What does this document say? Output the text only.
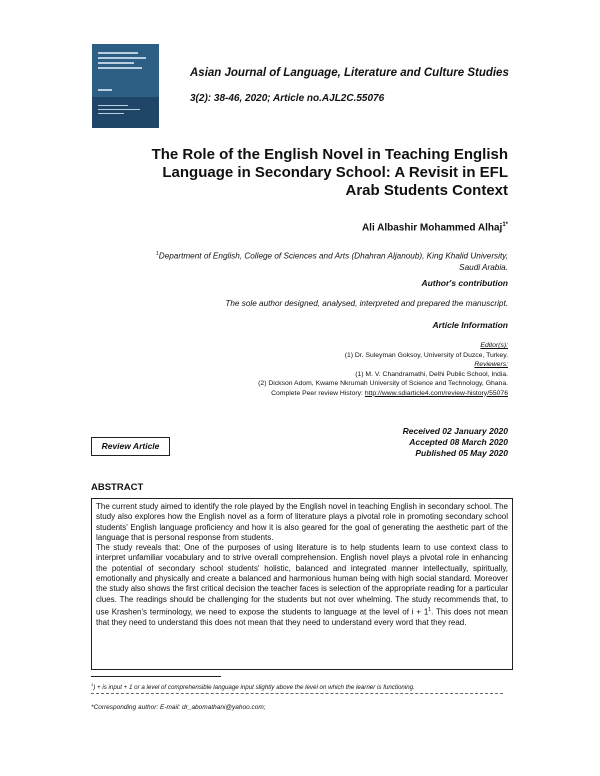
Asian Journal of Language, Literature and Culture Studies
3(2): 38-46, 2020; Article no.AJL2C.55076
The Role of the English Novel in Teaching English
Language in Secondary School: A Revisit in EFL
Arab Students Context
Ali Albashir Mohammed Alhaj$^{1*}$
$^1$Department of English, College of Sciences and Arts (Dhahran Aljanoub), King Khalid University,
Saudi Arabia.
Author's contribution
The sole author designed, analysed, interpreted and prepared the manuscript.
Article Information
Editor(s):
(1) Dr. Suleyman Goksoy, University of Duzce, Turkey.
Reviewers:
(1) M. V. Chandramathi, Delhi Public School, India.
(2) Dickson Adom, Kwame Nkrumah University of Science and Technology, Ghana.
Complete Peer review History: http://www.sdiarticle4.com/review-history/55076
Review Article
Received 02 January 2020
Accepted 08 March 2020
Published 05 May 2020
ABSTRACT

The current study aimed to identify the role played by the English novel in teaching English in secondary school. The study also explores how the English novel as a form of literature plays a pivotal role in promoting secondary school students' English language proficiency and how it is also geared for the goal of generating the aesthetic part of the language that is personal response from students.

The study reveals that: One of the purposes of using literature is to help students learn to use context class to interpret unfamiliar vocabulary and to strive overall comprehension. English novel plays a pivotal role in enhancing the potential of secondary school students' holistic, balanced and integrated manner intellectually, spiritually, emotionally and physically and create a balanced and harmonious human being with high social standard. Moreover the study also shows the first critical decision the teacher faces is selection of the appropriate reading for a particular clues. The readings should be challenging for the students but not over whelming. The study recommends that, to use Krashen's terminology, we need to expose the students to language at the level of $i + 1^1$. This does not mean that they need to understand this does not mean that they need to understand every word that they read.

$^1$) + is input + 1 or a level of comprehensible language input slightly above the level on which the learner is functioning.
*Corresponding author: E-mail: dr_abomathani@yahoo.com;
